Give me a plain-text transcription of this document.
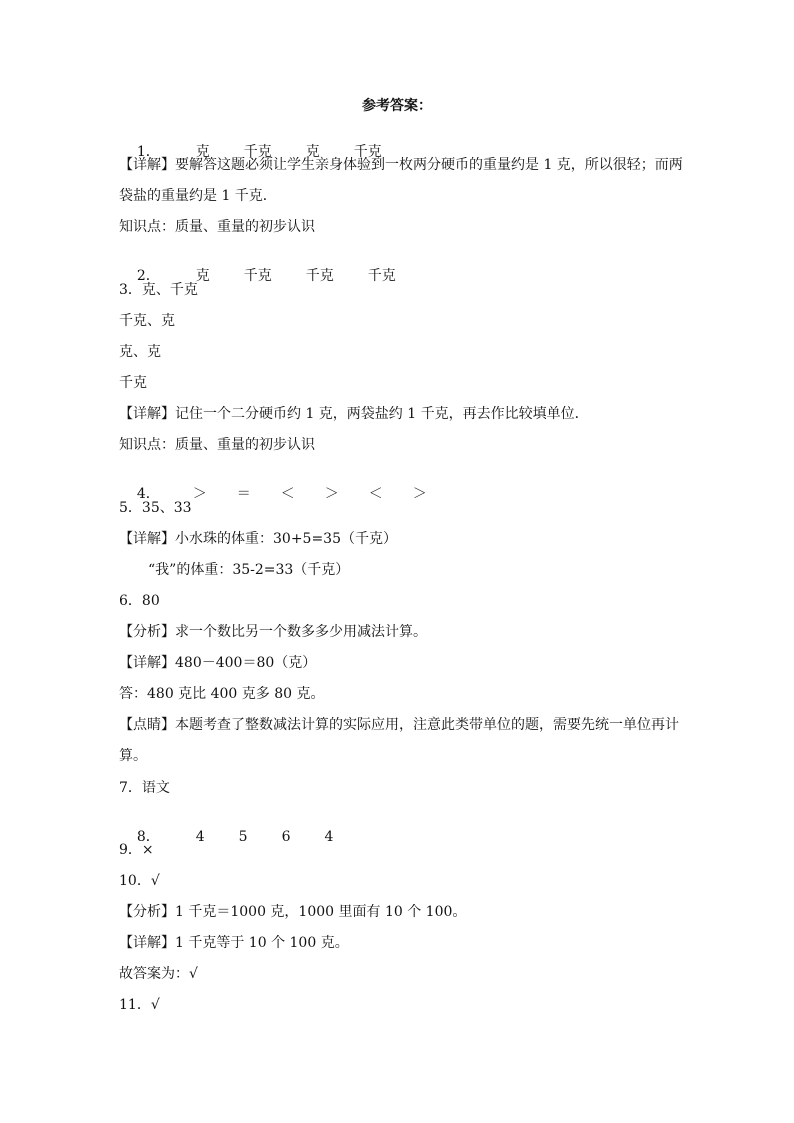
参考答案：

1．	克 千克 克 千克

【详解】要解答这题必须让学生亲身体验到一枚两分硬币的重量约是 1 克，所以很轻；而两
袋盐的重量约是 1 千克．
知识点：质量、重量的初步认识

2．	克 千克 千克 千克

3．克、千克
千克、克
克、克
千克
【详解】记住一个二分硬币约 1 克，两袋盐约 1 千克，再去作比较填单位．
知识点：质量、重量的初步认识

4． ＞ ＝ ＜ ＞ ＜ ＞

5．35、33
【详解】小水珠的体重：30+5=35（千克）
“我”的体重：35-2=33（千克）
6．80
【分析】求一个数比另一个数多多少用减法计算。
【详解】480－400＝80（克）
答：480 克比 400 克多 80 克。
【点睛】本题考查了整数减法计算的实际应用，注意此类带单位的题，需要先统一单位再计
算。
7．语文

8．	4 5 6 4

9．×
10．√
【分析】1 千克＝1000 克，1000 里面有 10 个 100。
【详解】1 千克等于 10 个 100 克。
故答案为：√
11．√
